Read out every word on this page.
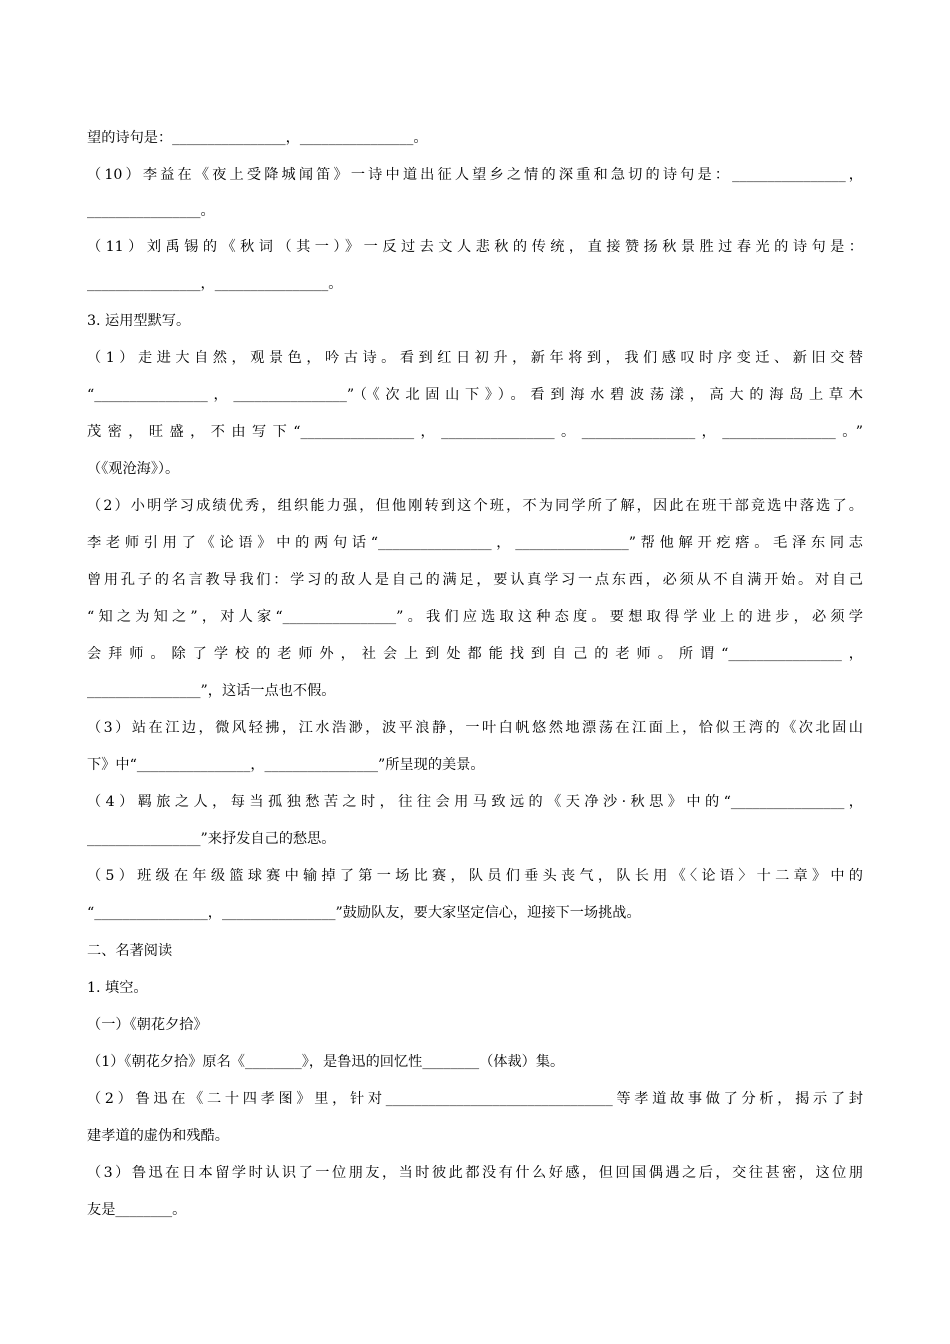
望的诗句是：________________，________________。
（10）李益在《夜上受降城闻笛》一诗中道出征人望乡之情的深重和急切的诗句是：________________，
________________。
（11）刘禹锡的《秋词（其一）》一反过去文人悲秋的传统，直接赞扬秋景胜过春光的诗句是：
________________，________________。
3. 运用型默写。
（1）走进大自然，观景色，吟古诗。看到红日初升，新年将到，我们感叹时序变迁、新旧交替
“________________，________________”（《次北固山下》）。看到海水碧波荡漾，高大的海岛上草木
茂密，旺盛，不由写下“________________，________________。________________，________________。”
（《观沧海》）。
（2）小明学习成绩优秀，组织能力强，但他刚转到这个班，不为同学所了解，因此在班干部竞选中落选了。
李老师引用了《论语》中的两句话“________________，________________”帮他解开疙瘩。毛泽东同志
曾用孔子的名言教导我们：学习的敌人是自己的满足，要认真学习一点东西，必须从不自满开始。对自己
“知之为知之”，对人家“________________”。我们应选取这种态度。要想取得学业上的进步，必须学
会拜师。除了学校的老师外，社会上到处都能找到自己的老师。所谓“________________，
________________”，这话一点也不假。
（3）站在江边，微风轻拂，江水浩渺，波平浪静，一叶白帆悠然地漂荡在江面上，恰似王湾的《次北固山
下》中“________________，________________”所呈现的美景。
（4）羁旅之人，每当孤独愁苦之时，往往会用马致远的《天净沙·秋思》中的“________________，
________________”来抒发自己的愁思。
（5）班级在年级篮球赛中输掉了第一场比赛，队员们垂头丧气，队长用《〈论语〉十二章》中的
“________________，________________”鼓励队友，要大家坚定信心，迎接下一场挑战。
二、名著阅读
1. 填空。
（一）《朝花夕拾》
（1）《朝花夕拾》原名《________》，是鲁迅的回忆性________（体裁）集。
（2）鲁迅在《二十四孝图》里，针对________________________________等孝道故事做了分析，揭示了封
建孝道的虚伪和残酷。
（3）鲁迅在日本留学时认识了一位朋友，当时彼此都没有什么好感，但回国偶遇之后，交往甚密，这位朋
友是________。
